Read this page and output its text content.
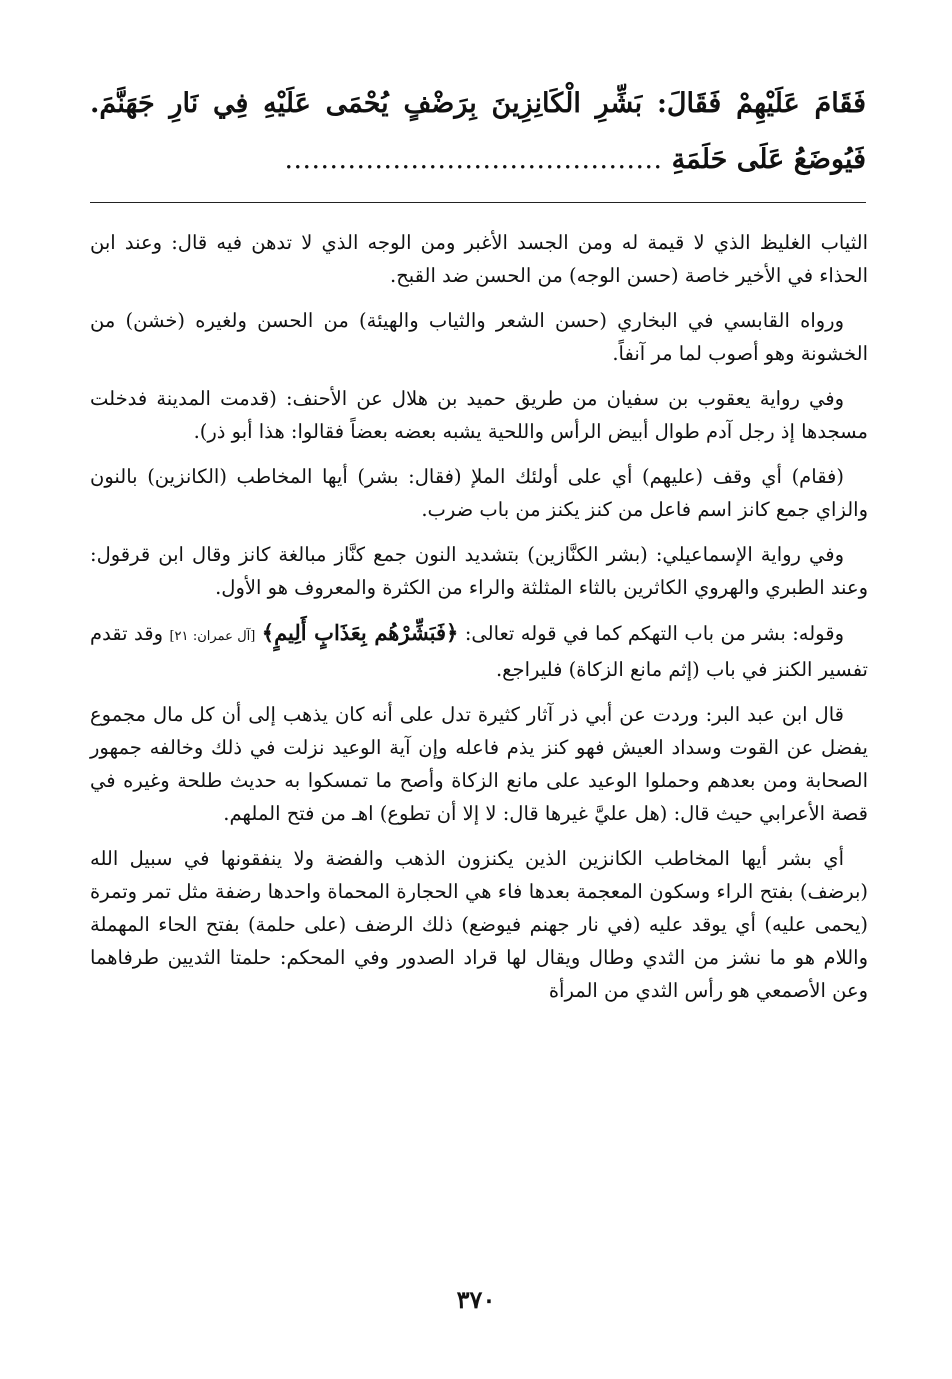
فَقَامَ عَلَيْهِمْ فَقَالَ: بَشِّرِ الْكَانِزِينَ بِرَضْفٍ يُحْمَى عَلَيْهِ فِي نَارِ جَهَنَّمَ. فَيُوضَعُ عَلَى حَلَمَةِ ……………………………………

الثياب الغليظ الذي لا قيمة له ومن الجسد الأغبر ومن الوجه الذي لا تدهن فيه قال: وعند ابن الحذاء في الأخير خاصة (حسن الوجه) من الحسن ضد القبح.

ورواه القابسي في البخاري (حسن الشعر والثياب والهيئة) من الحسن ولغيره (خشن) من الخشونة وهو أصوب لما مر آنفاً.

وفي رواية يعقوب بن سفيان من طريق حميد بن هلال عن الأحنف: (قدمت المدينة فدخلت مسجدها إذ رجل آدم طوال أبيض الرأس واللحية يشبه بعضه بعضاً فقالوا: هذا أبو ذر).

(فقام) أي وقف (عليهم) أي على أولئك الملإ (فقال: بشر) أيها المخاطب (الكانزين) بالنون والزاي جمع كانز اسم فاعل من كنز يكنز من باب ضرب.

وفي رواية الإسماعيلي: (بشر الكنَّازين) بتشديد النون جمع كنَّاز مبالغة كانز وقال ابن قرقول: وعند الطبري والهروي الكاثرين بالثاء المثلثة والراء من الكثرة والمعروف هو الأول.

وقوله: بشر من باب التهكم كما في قوله تعالى: ﴿فَبَشِّرْهُم بِعَذَابٍ أَلِيمٍ﴾ [آل عمران: ٢١] وقد تقدم تفسير الكنز في باب (إثم مانع الزكاة) فليراجع.

قال ابن عبد البر: وردت عن أبي ذر آثار كثيرة تدل على أنه كان يذهب إلى أن كل مال مجموع يفضل عن القوت وسداد العيش فهو كنز يذم فاعله وإن آية الوعيد نزلت في ذلك وخالفه جمهور الصحابة ومن بعدهم وحملوا الوعيد على مانع الزكاة وأصح ما تمسكوا به حديث طلحة وغيره في قصة الأعرابي حيث قال: (هل عليَّ غيرها قال: لا إلا أن تطوع) اهـ من فتح الملهم.

أي بشر أيها المخاطب الكانزين الذين يكنزون الذهب والفضة ولا ينفقونها في سبيل الله (برضف) بفتح الراء وسكون المعجمة بعدها فاء هي الحجارة المحماة واحدها رضفة مثل تمر وتمرة (يحمى عليه) أي يوقد عليه (في نار جهنم فيوضع) ذلك الرضف (على حلمة) بفتح الحاء المهملة واللام هو ما نشز من الثدي وطال ويقال لها قراد الصدور وفي المحكم: حلمتا الثديين طرفاهما وعن الأصمعي هو رأس الثدي من المرأة

٣٧٠
